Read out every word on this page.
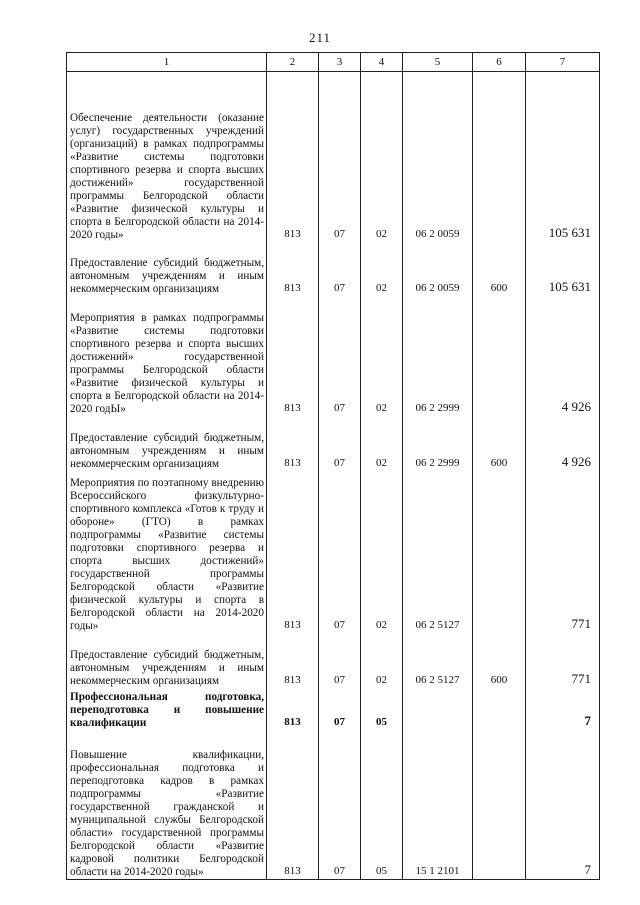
211
1	2	3	4	5	6	7
Обеспечение деятельности (оказание услуг) государственных учреждений (организаций) в рамках подпрограммы «Развитие системы подготовки спортивного резерва и спорта высших достижений» государственной программы Белгородской области «Развитие физической культуры и спорта в Белгородской области на 2014-2020 годы»	813	07	02	06 2 0059		105 631
Предоставление субсидий бюджетным, автономным учреждениям и иным некоммерческим организациям	813	07	02	06 2 0059	600	105 631
Мероприятия в рамках подпрограммы «Развитие системы подготовки спортивного резерва и спорта высших достижений» государственной программы Белгородской области «Развитие физической культуры и спорта в Белгородской области на 2014-2020 годЫ»	813	07	02	06 2 2999		4 926
Предоставление субсидий бюджетным, автономным учреждениям и иным некоммерческим организациям	813	07	02	06 2 2999	600	4 926
Мероприятия по поэтапному внедрению Всероссийского физкультурно-спортивного комплекса «Готов к труду и обороне» (ГТО) в рамках подпрограммы «Развитие системы подготовки спортивного резерва и спорта высших достижений» государственной программы Белгородской области «Развитие физической культуры и спорта в Белгородской области на 2014-2020 годы»	813	07	02	06 2 5127		771
Предоставление субсидий бюджетным, автономным учреждениям и иным некоммерческим организациям	813	07	02	06 2 5127	600	771
Профессиональная подготовка, переподготовка и повышение квалификации	813	07	05			7
Повышение квалификации, профессиональная подготовка и переподготовка кадров в рамках подпрограммы «Развитие государственной гражданской и муниципальной службы Белгородской области» государственной программы Белгородской области «Развитие кадровой политики Белгородской области на 2014-2020 годы»	813	07	05	15 1 2101		7
